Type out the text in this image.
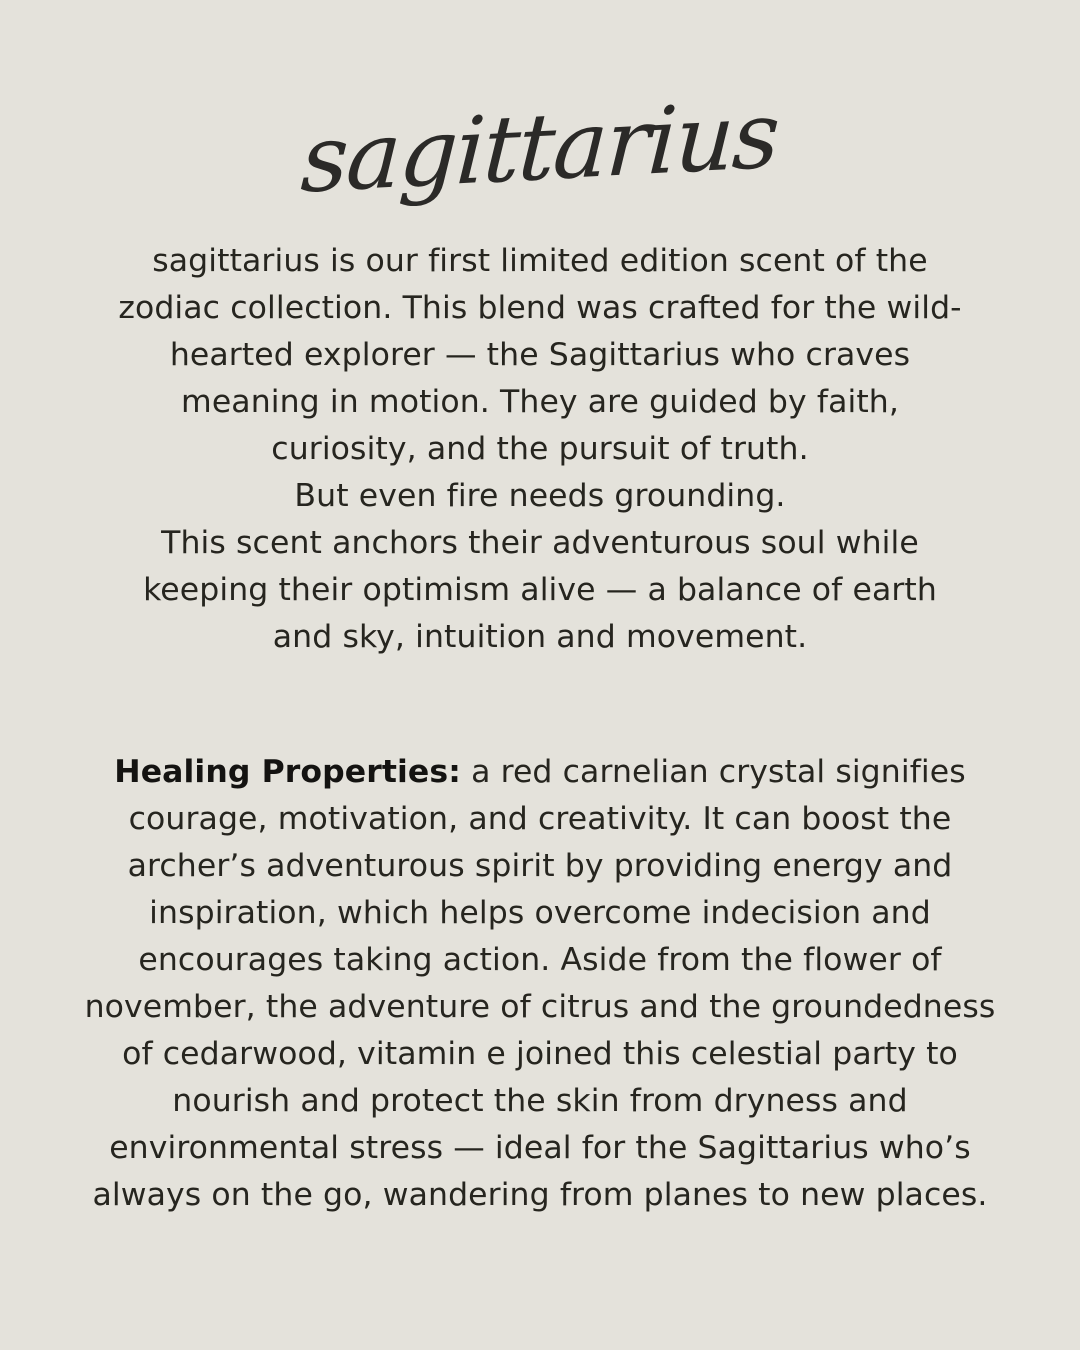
sagittarius

sagittarius is our first limited edition scent of the

zodiac collection. This blend was crafted for the wild-

hearted explorer — the Sagittarius who craves

meaning in motion. They are guided by faith,

curiosity, and the pursuit of truth.

But even fire needs grounding.

This scent anchors their adventurous soul while

keeping their optimism alive — a balance of earth

and sky, intuition and movement.

Healing Properties: a red carnelian crystal signifies courage, motivation, and creativity. It can boost the archer’s adventurous spirit by providing energy and inspiration, which helps overcome indecision and encourages taking action. Aside from the flower of november, the adventure of citrus and the groundedness of cedarwood, vitamin e joined this celestial party to nourish and protect the skin from dryness and environmental stress — ideal for the Sagittarius who’s always on the go, wandering from planes to new places.
